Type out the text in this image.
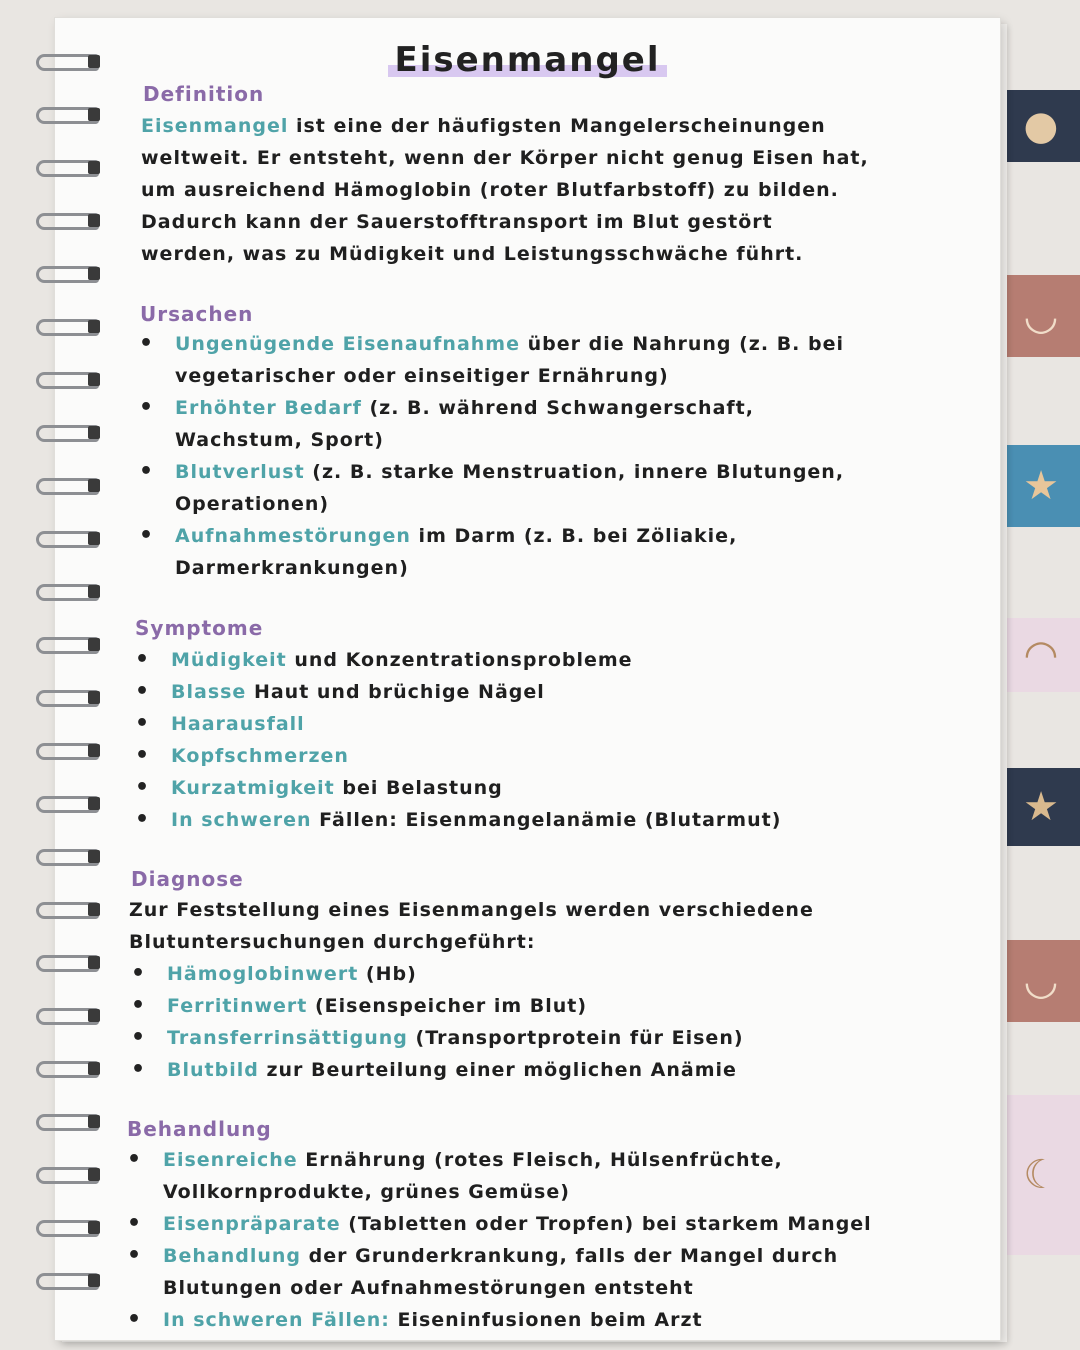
●
◡
★
◠
★
◡
☾
Eisenmangel
Definition

Eisenmangel ist eine der häufigsten Mangelerscheinungen
weltweit. Er entsteht, wenn der Körper nicht genug Eisen hat,
um ausreichend Hämoglobin (roter Blutfarbstoff) zu bilden.
Dadurch kann der Sauerstofftransport im Blut gestört
werden, was zu Müdigkeit und Leistungsschwäche führt.

Ursachen
• Ungenügende Eisenaufnahme über die Nahrung (z. B. bei
vegetarischer oder einseitiger Ernährung)
• Erhöhter Bedarf (z. B. während Schwangerschaft,
Wachstum, Sport)
• Blutverlust (z. B. starke Menstruation, innere Blutungen,
Operationen)
• Aufnahmestörungen im Darm (z. B. bei Zöliakie,
Darmerkrankungen)
Symptome
• Müdigkeit und Konzentrationsprobleme
• Blasse Haut und brüchige Nägel
• Haarausfall
• Kopfschmerzen
• Kurzatmigkeit bei Belastung
• In schweren Fällen: Eisenmangelanämie (Blutarmut)
Diagnose

Zur Feststellung eines Eisenmangels werden verschiedene
Blutuntersuchungen durchgeführt:

• Hämoglobinwert (Hb)
• Ferritinwert (Eisenspeicher im Blut)
• Transferrinsättigung (Transportprotein für Eisen)
• Blutbild zur Beurteilung einer möglichen Anämie
Behandlung
• Eisenreiche Ernährung (rotes Fleisch, Hülsenfrüchte,
Vollkornprodukte, grünes Gemüse)
• Eisenpräparate (Tabletten oder Tropfen) bei starkem Mangel
• Behandlung der Grunderkrankung, falls der Mangel durch
Blutungen oder Aufnahmestörungen entsteht
• In schweren Fällen: Eiseninfusionen beim Arzt
